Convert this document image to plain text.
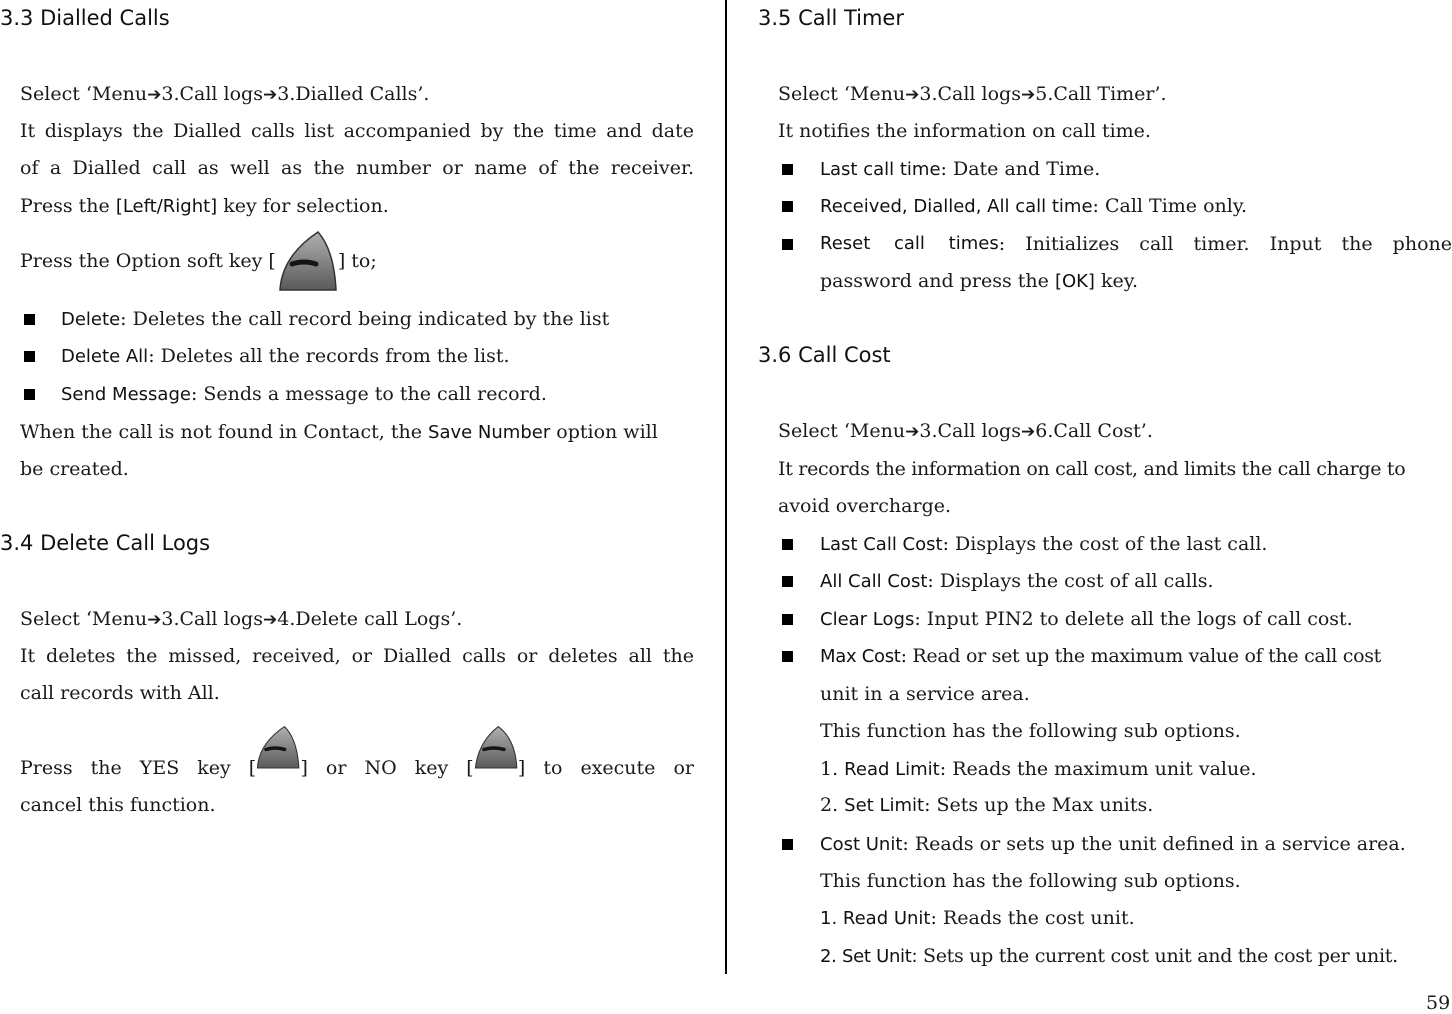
3.3 Dialled Calls
Select ‘Menu➔3.Call logs➔3.Dialled Calls’.
It displays the Dialled calls list accompanied by the time and date
of a Dialled call as well as the number or name of the receiver.
Press the [Left/Right] key for selection.
Press the Option soft key [	] to;
Delete: Deletes the call record being indicated by the list
Delete All: Deletes all the records from the list.
Send Message: Sends a message to the call record.
When the call is not found in Contact, the Save Number option will
be created.
3.4 Delete Call Logs
Select ‘Menu➔3.Call logs➔4.Delete call Logs’.
It deletes the missed, received, or Dialled calls or deletes all the
call records with All.
Press the YES key [ ] or NO key [ ] to execute or
cancel this function.
3.5 Call Timer
Select ‘Menu➔3.Call logs➔5.Call Timer’.
It notifies the information on call time.
Last call time: Date and Time.
Received, Dialled, All call time: Call Time only.
Reset call times : Initializes call timer. Input the phone
password and press the [OK] key.
3.6 Call Cost
Select ‘Menu➔3.Call logs➔6.Call Cost’.
It records the information on call cost, and limits the call charge to
avoid overcharge.
Last Call Cost: Displays the cost of the last call.
All Call Cost: Displays the cost of all calls.
Clear Logs: Input PIN2 to delete all the logs of call cost.
Max Cost: Read or set up the maximum value of the call cost
unit in a service area.
This function has the following sub options.
1. Read Limit: Reads the maximum unit value.
2. Set Limit: Sets up the Max units.
Cost Unit: Reads or sets up the unit defined in a service area.
This function has the following sub options.
1. Read Unit: Reads the cost unit.
2. Set Unit: Sets up the current cost unit and the cost per unit.
59
